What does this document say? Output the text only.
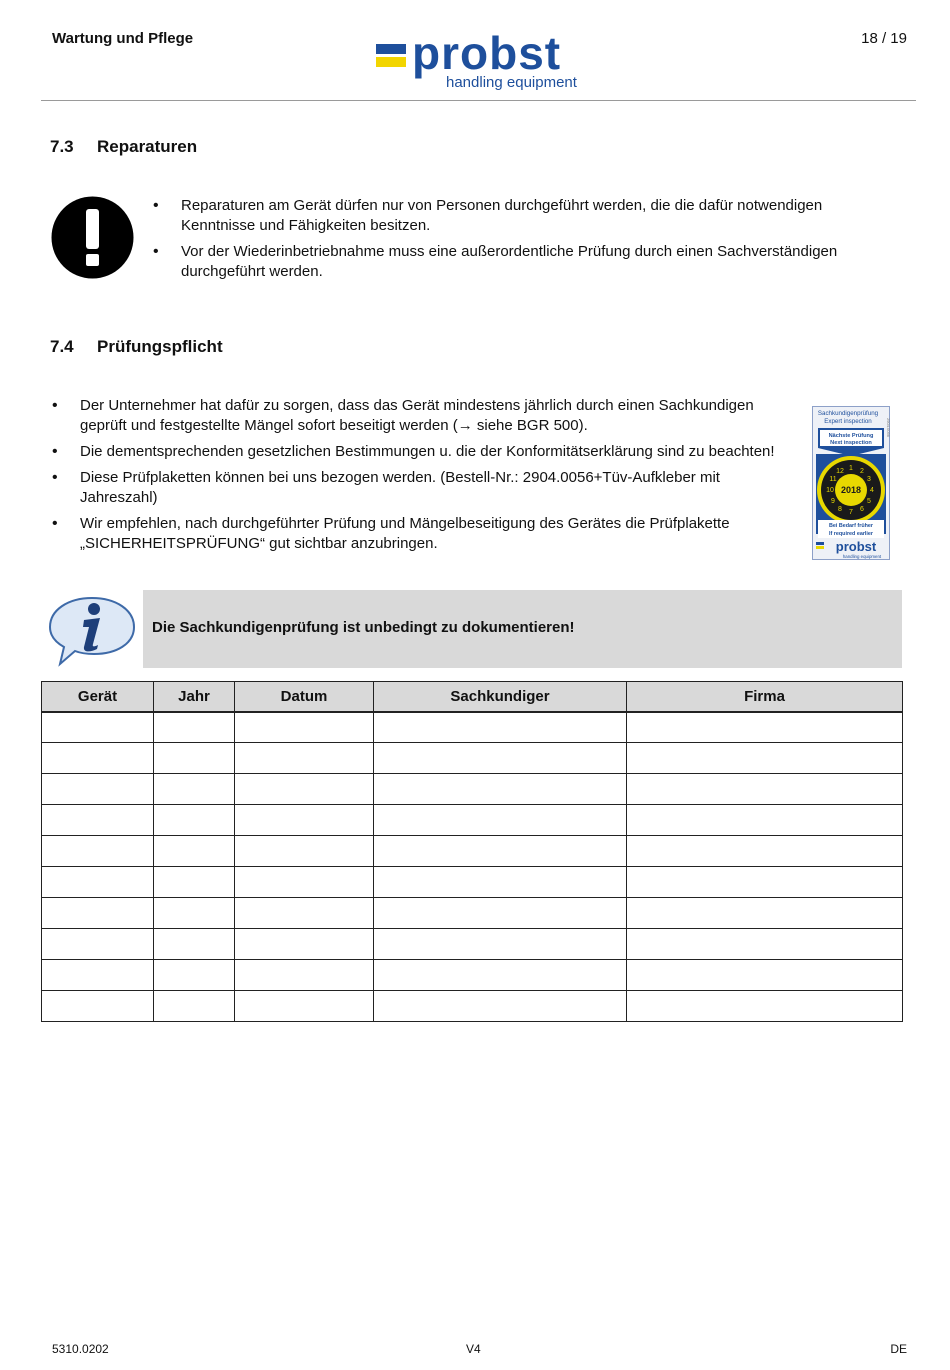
Wartung und Pflege	probst
handling equipment
18 / 19
7.3 Reparaturen
• Reparaturen am Gerät dürfen nur von Personen durchgeführt werden, die die dafür notwendigen Kenntnisse und Fähigkeiten besitzen.
• Vor der Wiederinbetriebnahme muss eine außerordentliche Prüfung durch einen Sachverständigen durchgeführt werden.
7.4 Prüfungspflicht
• Der Unternehmer hat dafür zu sorgen, dass das Gerät mindestens jährlich durch einen Sachkundigen geprüft und festgestellte Mängel sofort beseitigt werden (→ siehe BGR 500).
• Die dementsprechenden gesetzlichen Bestimmungen u. die der Konformitätserklärung sind zu beachten!
• Diese Prüfplaketten können bei uns bezogen werden. (Bestell-Nr.: 2904.0056+Tüv-Aufkleber mit Jahreszahl)
• Wir empfehlen, nach durchgeführter Prüfung und Mängelbeseitigung des Gerätes die Prüfplakette „SICHERHEITSPRÜFUNG“ gut sichtbar anzubringen.
Sachkundigenprüfung
Expert inspection	2904.0056
Nächste Prüfung
Next inspection
1 2
3
4
5
6
7
8
9
10
11
12
2018
Bei Bedarf früher
If required earlier
probst
handling equipment
Die Sachkundigenprüfung ist unbedingt zu dokumentieren!
Gerät	Jahr	Datum	Sachkundiger	Firma

5310.0202	V4	DE
